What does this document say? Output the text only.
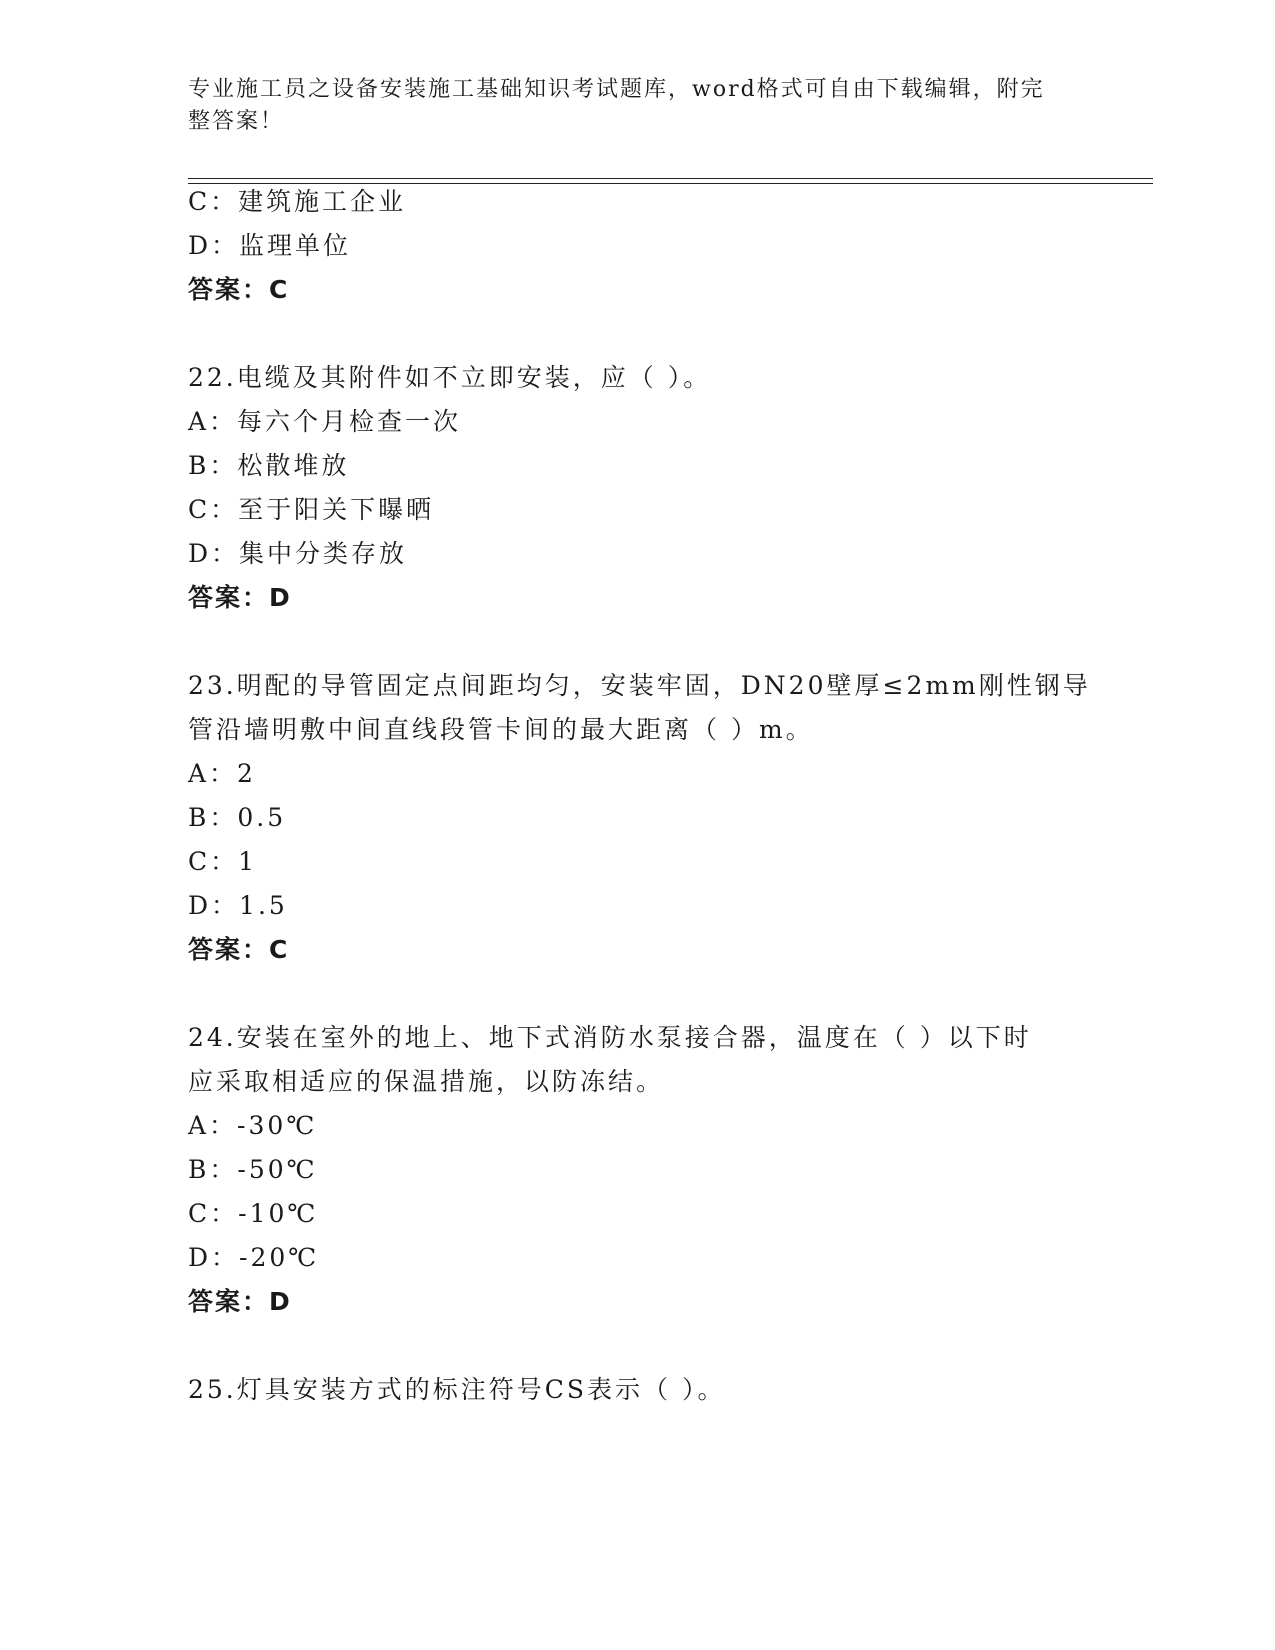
专业施工员之设备安装施工基础知识考试题库，word格式可自由下载编辑，附完
整答案！
C：建筑施工企业
D：监理单位
答案：C
22.电缆及其附件如不立即安装，应（ ）。
A：每六个月检查一次
B：松散堆放
C：至于阳关下曝晒
D：集中分类存放
答案：D
23.明配的导管固定点间距均匀，安装牢固，DN20壁厚≤2mm刚性钢导
管沿墙明敷中间直线段管卡间的最大距离（ ）m。
A：2
B：0.5
C：1
D：1.5
答案：C
24.安装在室外的地上、地下式消防水泵接合器，温度在（ ）以下时
应采取相适应的保温措施，以防冻结。
A：-30℃
B：-50℃
C：-10℃
D：-20℃
答案：D
25.灯具安装方式的标注符号CS表示（ ）。
